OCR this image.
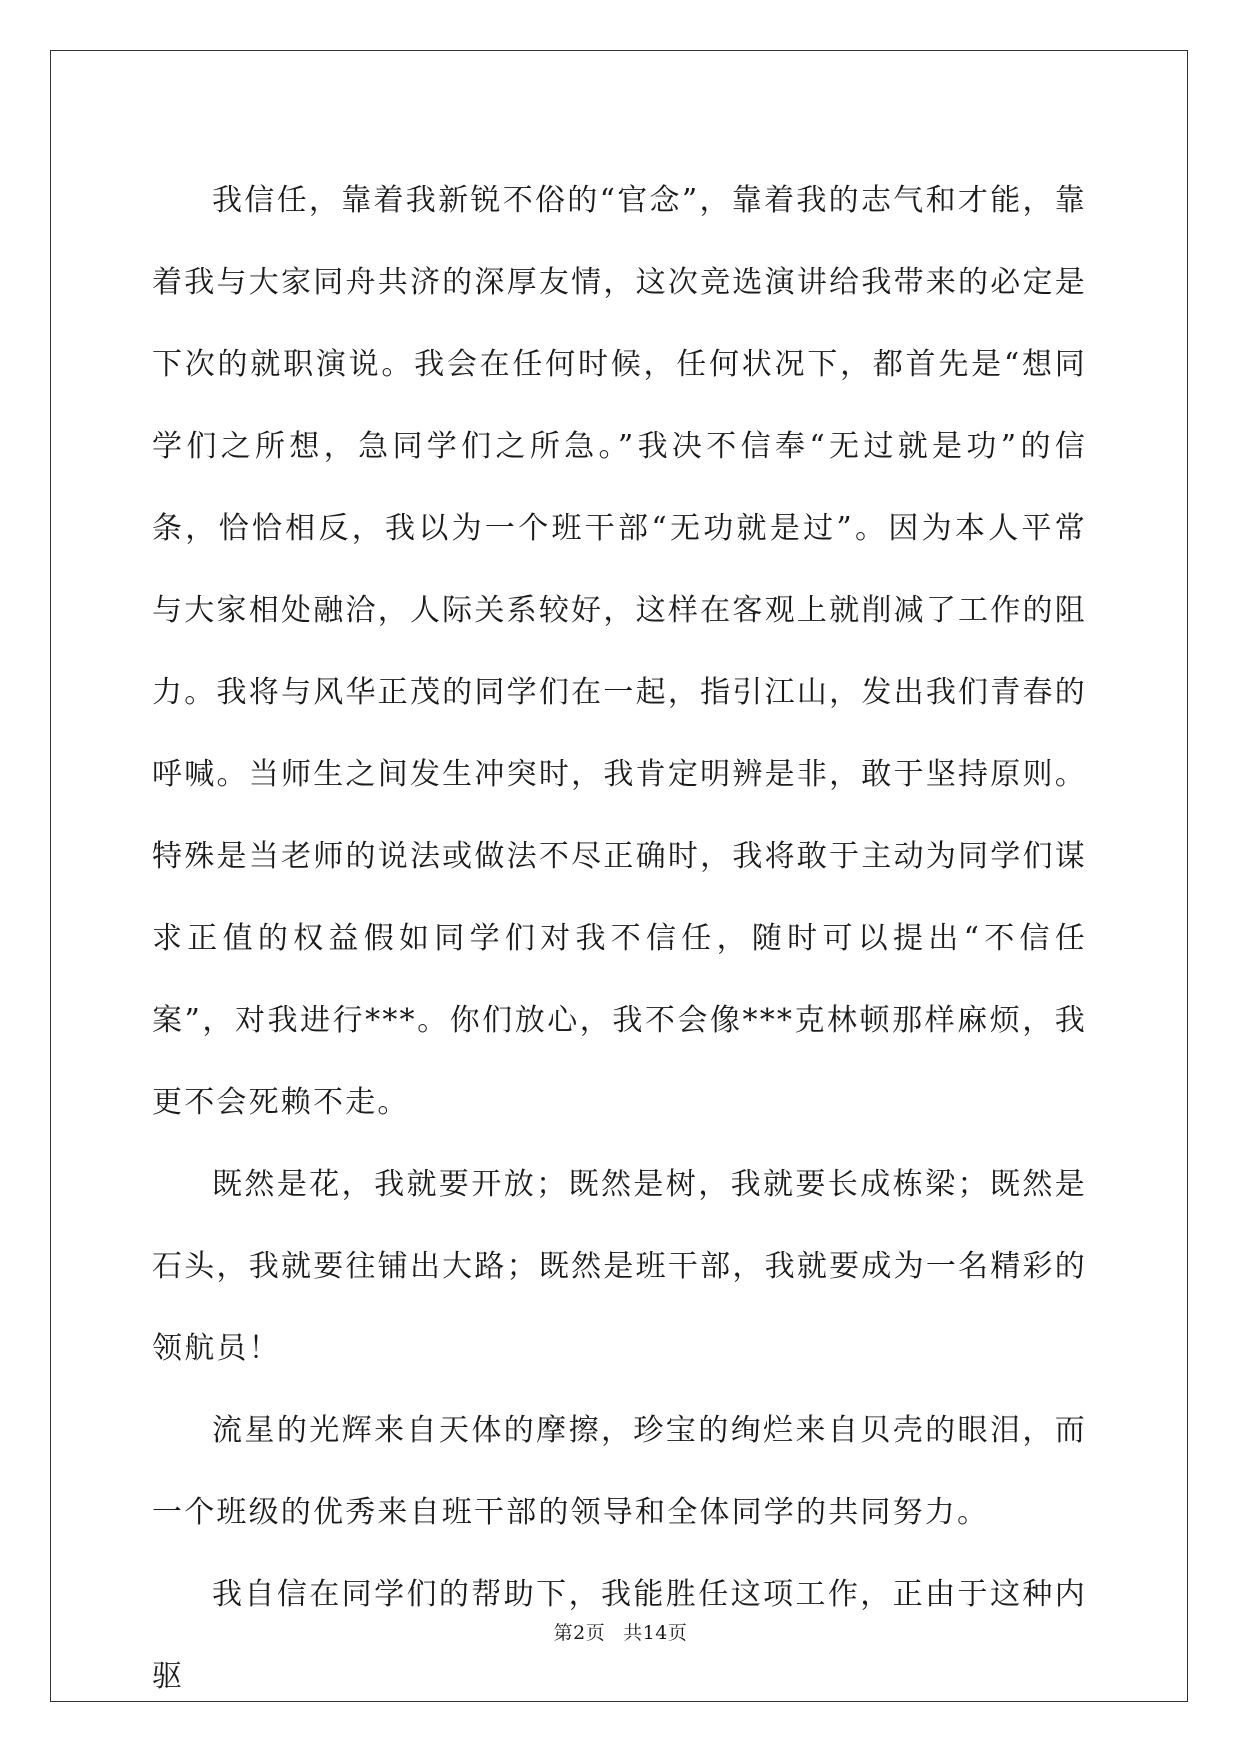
我信任，靠着我新锐不俗的“官念”，靠着我的志气和才能，靠着我与大家同舟共济的深厚友情，这次竞选演讲给我带来的必定是下次的就职演说。我会在任何时候，任何状况下，都首先是“想同学们之所想，急同学们之所急。”我决不信奉“无过就是功”的信条，恰恰相反，我以为一个班干部“无功就是过”。因为本人平常与大家相处融洽，人际关系较好，这样在客观上就削减了工作的阻力。我将与风华正茂的同学们在一起，指引江山，发出我们青春的呼喊。当师生之间发生冲突时，我肯定明辨是非，敢于坚持原则。特殊是当老师的说法或做法不尽正确时，我将敢于主动为同学们谋求正值的权益假如同学们对我不信任，随时可以提出“不信任案”，对我进行***。你们放心，我不会像***克林顿那样麻烦，我更不会死赖不走。

既然是花，我就要开放；既然是树，我就要长成栋梁；既然是石头，我就要往铺出大路；既然是班干部，我就要成为一名精彩的领航员！

流星的光辉来自天体的摩擦，珍宝的绚烂来自贝壳的眼泪，而一个班级的优秀来自班干部的领导和全体同学的共同努力。

我自信在同学们的帮助下，我能胜任这项工作，正由于这种内驱

第2页 共14页
